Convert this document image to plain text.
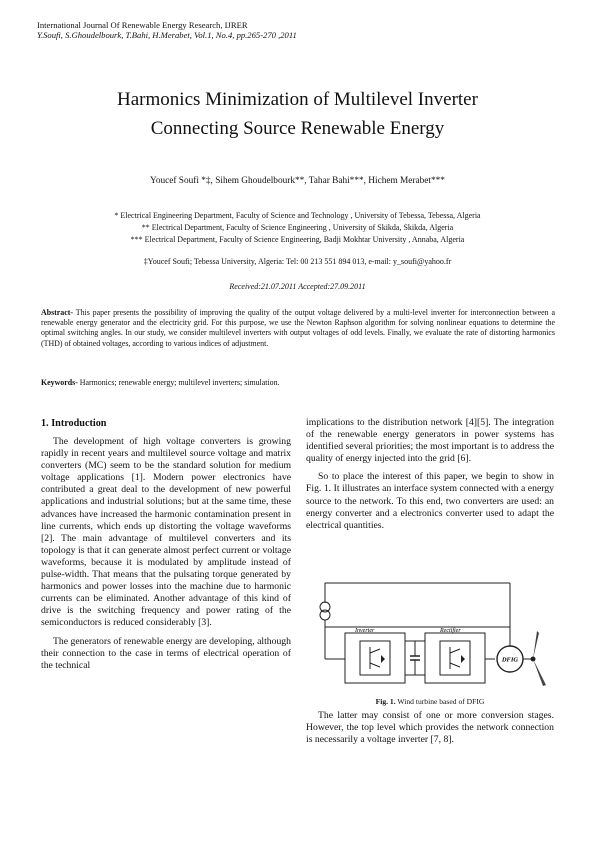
International Journal Of Renewable Energy Research, IJRER
Y.Soufi, S.Ghoudelbourk, T.Bahi, H.Merabet, Vol.1, No.4, pp.265-270 ,2011
Harmonics Minimization of Multilevel Inverter
Connecting Source Renewable Energy
Youcef Soufi *‡, Sihem Ghoudelbourk**, Tahar Bahi***, Hichem Merabet***
* Electrical Engineering Department, Faculty of Science and Technology , University of Tebessa, Tebessa, Algeria
** Electrical Department, Faculty of Science Engineering , University of Skikda, Skikda, Algeria
*** Electrical Department, Faculty of Science Engineering, Badji Mokhtar University , Annaba, Algeria
‡Youcef Soufi; Tebessa University, Algeria: Tel: 00 213 551 894 013, e-mail: y_soufi@yahoo.fr
Received:21.07.2011 Accepted:27.09.2011
Abstract- This paper presents the possibility of improving the quality of the output voltage delivered by a multi-level inverter for interconnection between a renewable energy generator and the electricity grid. For this purpose, we use the Newton Raphson algorithm for solving nonlinear equations to determine the optimal switching angles. In our study, we consider multilevel inverters with output voltages of odd levels. Finally, we evaluate the rate of distorting harmonics (THD) of obtained voltages, according to various indices of adjustment.
Keywords- Harmonics; renewable energy; multilevel inverters; simulation.
1. Introduction

The development of high voltage converters is growing rapidly in recent years and multilevel source voltage and matrix converters (MC) seem to be the standard solution for medium voltage applications [1]. Modern power electronics have contributed a great deal to the development of new powerful applications and industrial solutions; but at the same time, these advances have increased the harmonic contamination present in line currents, which ends up distorting the voltage waveforms [2]. The main advantage of multilevel converters and its topology is that it can generate almost perfect current or voltage waveforms, because it is modulated by amplitude instead of pulse-width. That means that the pulsating torque generated by harmonics and power losses into the machine due to harmonic currents can be eliminated. Another advantage of this kind of drive is the switching frequency and power rating of the semiconductors is reduced considerably [3].

The generators of renewable energy are developing, although their connection to the case in terms of electrical operation of the technical

implications to the distribution network [4][5]. The integration of the renewable energy generators in power systems has identified several priorities; the most important is to address the quality of energy injected into the grid [6].

So to place the interest of this paper, we begin to show in Fig. 1. It illustrates an interface system connected with a energy source to the network. To this end, two converters are used: an energy converter and a electronics converter used to adapt the electrical quantities.

Inverter	Rectifier
DFIG
Fig. 1. Wind turbine based of DFIG

The latter may consist of one or more conversion stages. However, the top level which provides the network connection is necessarily a voltage inverter [7, 8].
